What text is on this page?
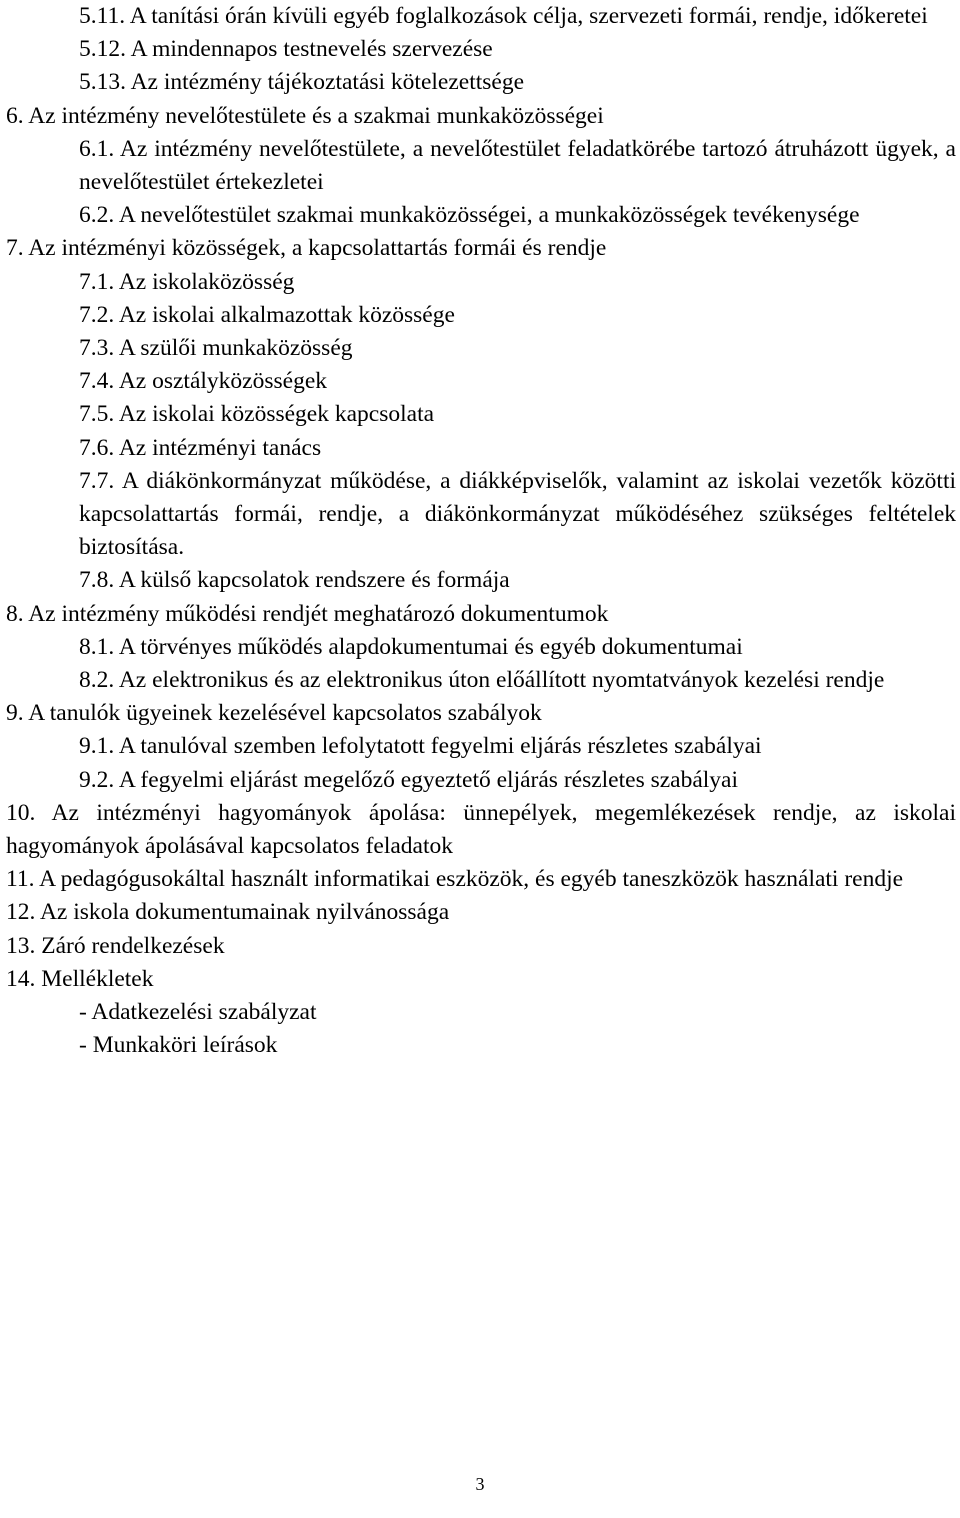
5.11. A tanítási órán kívüli egyéb foglalkozások célja, szervezeti formái, rendje, időkeretei
5.12. A mindennapos testnevelés szervezése
5.13. Az intézmény tájékoztatási kötelezettsége
6. Az intézmény nevelőtestülete és a szakmai munkaközösségei
6.1. Az intézmény nevelőtestülete, a nevelőtestület feladatkörébe tartozó átruházott ügyek, a nevelőtestület értekezletei
6.2. A nevelőtestület szakmai munkaközösségei, a munkaközösségek tevékenysége
7. Az intézményi közösségek, a kapcsolattartás formái és rendje
7.1. Az iskolaközösség
7.2. Az iskolai alkalmazottak közössége
7.3. A szülői munkaközösség
7.4. Az osztályközösségek
7.5. Az iskolai közösségek kapcsolata
7.6. Az intézményi tanács
7.7. A diákönkormányzat működése, a diákképviselők, valamint az iskolai vezetők közötti kapcsolattartás formái, rendje, a diákönkormányzat működéséhez szükséges feltételek biztosítása.
7.8. A külső kapcsolatok rendszere és formája
8. Az intézmény működési rendjét meghatározó dokumentumok
8.1. A törvényes működés alapdokumentumai és egyéb dokumentumai
8.2. Az elektronikus és az elektronikus úton előállított nyomtatványok kezelési rendje
9. A tanulók ügyeinek kezelésével kapcsolatos szabályok
9.1. A tanulóval szemben lefolytatott fegyelmi eljárás részletes szabályai
9.2. A fegyelmi eljárást megelőző egyeztető eljárás részletes szabályai
10. Az intézményi hagyományok ápolása: ünnepélyek, megemlékezések rendje, az iskolai hagyományok ápolásával kapcsolatos feladatok
11. A pedagógusokáltal használt informatikai eszközök, és egyéb taneszközök használati rendje
12. Az iskola dokumentumainak nyilvánossága
13. Záró rendelkezések
14. Mellékletek
- Adatkezelési szabályzat
- Munkaköri leírások
3
